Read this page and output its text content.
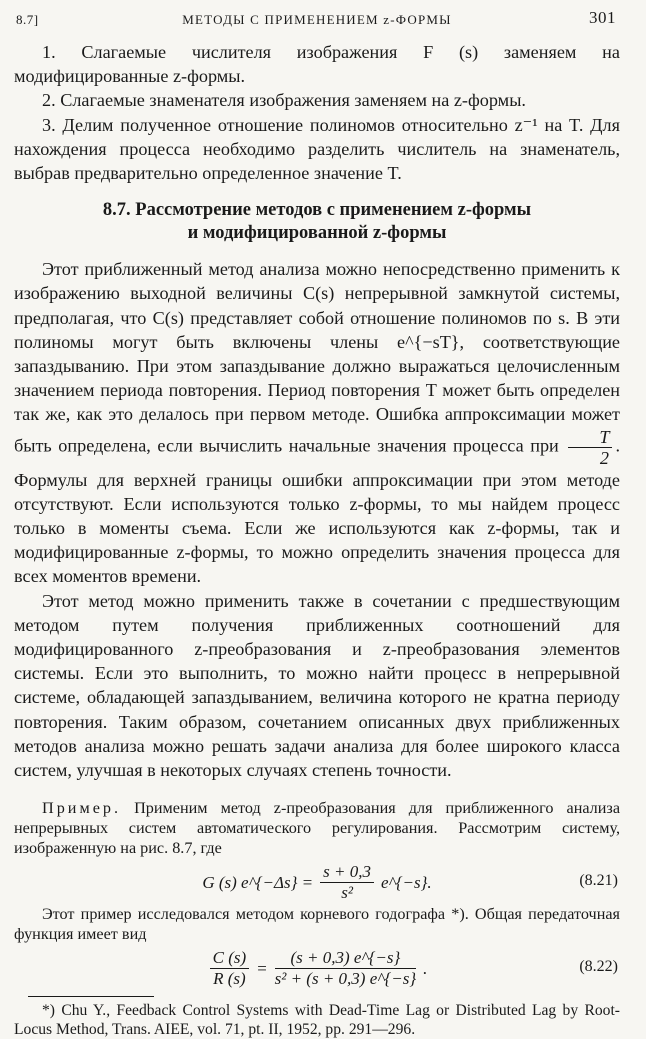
8.7]	МЕТОДЫ С ПРИМЕНЕНИЕМ z-ФОРМЫ	301

1. Слагаемые числителя изображения F (s) заменяем на модифицированные z-формы.

2. Слагаемые знаменателя изображения заменяем на z-формы.

3. Делим полученное отношение полиномов относительно z⁻¹ на T. Для нахождения процесса необходимо разделить числитель на знаменатель, выбрав предварительно определенное значение T.

8.7. Рассмотрение методов с применением z-формы
и модифицированной z-формы

Этот приближенный метод анализа можно непосредственно применить к изображению выходной величины C(s) непрерывной замкнутой системы, предполагая, что C(s) представляет собой отношение полиномов по s. В эти полиномы могут быть включены члены e^{−sT}, соответствующие запаздыванию. При этом запаздывание должно выражаться целочисленным значением периода повторения. Период повторения T может быть определен так же, как это делалось при первом методе. Ошибка аппроксимации может быть определена, если вычислить начальные значения процесса при $\frac{T}{2}$ . Формулы для верхней границы ошибки аппроксимации при этом методе отсутствуют. Если используются только z-формы, то мы найдем процесс только в моменты съема. Если же используются как z-формы, так и модифицированные z-формы, то можно определить значения процесса для всех моментов времени.

Этот метод можно применить также в сочетании с предшествующим методом путем получения приближенных соотношений для модифицированного z-преобразования и z-преобразования элементов системы. Если это выполнить, то можно найти процесс в непрерывной системе, обладающей запаздыванием, величина которого не кратна периоду повторения. Таким образом, сочетанием описанных двух приближенных методов анализа можно решать задачи анализа для более широкого класса систем, улучшая в некоторых случаях степень точности.

Пример. Применим метод z-преобразования для приближенного анализа непрерывных систем автоматического регулирования. Рассмотрим систему, изображенную на рис. 8.7, где

G (s) e^{−Δs} = $\frac{s + 0,3}{\text{s²}}$ e^{−s}.	(8.21)

Этот пример исследовался методом корневого годографа *). Общая передаточная функция имеет вид

$\frac{C (s)}{R (s)} = \frac{(s + 0,3) e\^{}\{-s\}}{\text{s² + (s + 0,3) e\textasciicircum{}\{−s\}}}$ .	(8.22)

*) Chu Y., Feedback Control Systems with Dead-Time Lag or Distributed Lag by Root-Locus Method, Trans. AIEE, vol. 71, pt. II, 1952, pp. 291—296.
